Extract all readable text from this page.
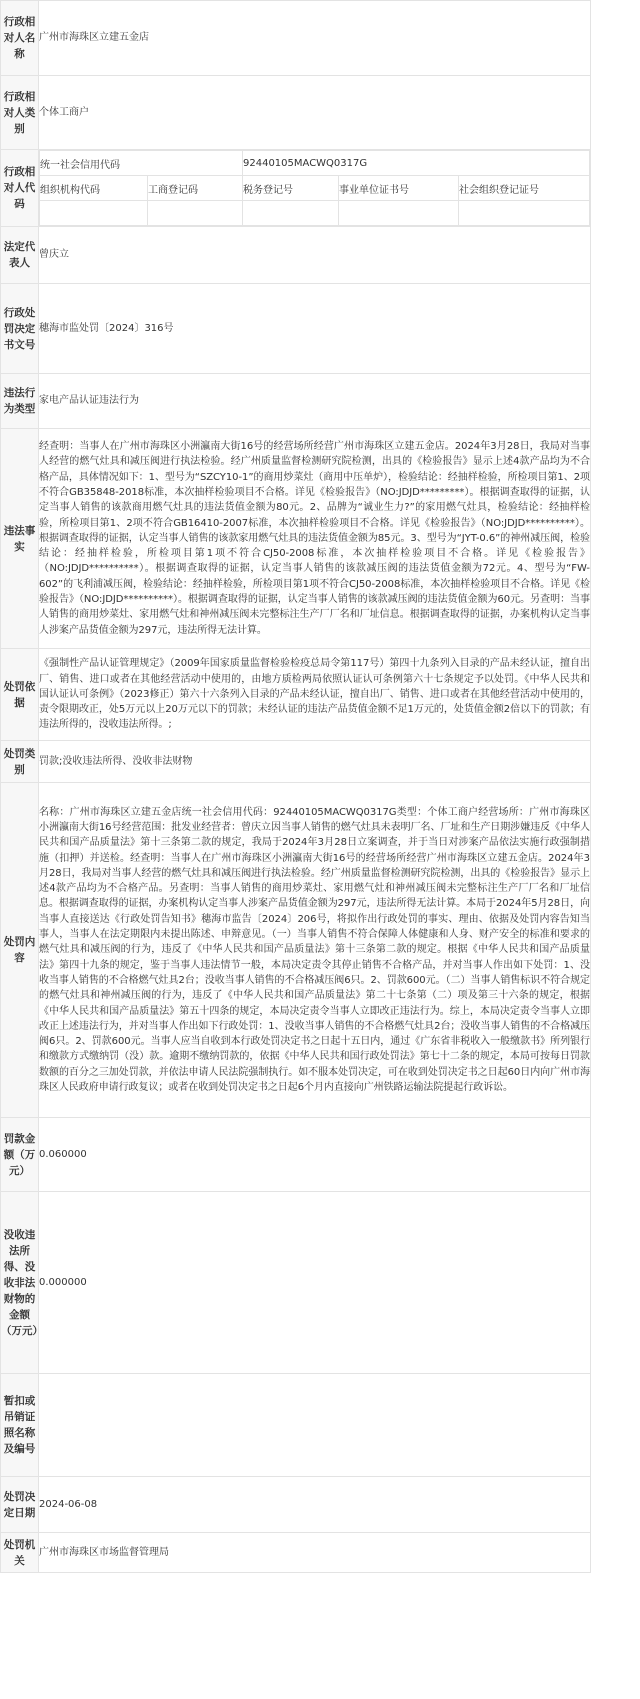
行政相对人名称	广州市海珠区立建五金店
行政相对人类别	个体工商户
行政相对人代码	
统一社会信用代码	92440105MACWQ0317G
组织机构代码	工商登记码	税务登记号	事业单位证书号	社会组织登记证号

法定代表人	曾庆立
行政处罚决定书文号	穗海市监处罚〔2024〕316号
违法行为类型	家电产品认证违法行为
违法事实	经查明：当事人在广州市海珠区小洲瀛南大街16号的经营场所经营广州市海珠区立建五金店。2024年3月28日，我局对当事人经营的燃气灶具和减压阀进行执法检验。经广州质量监督检测研究院检测，出具的《检验报告》显示上述4款产品均为不合格产品，具体情况如下：1、型号为“SZCY10-1”的商用炒菜灶（商用中压单炉），检验结论：经抽样检验，所检项目第1、2项不符合GB35848-2018标准，本次抽样检验项目不合格。详见《检验报告》（NO:JDJD*********）。根据调查取得的证据，认定当事人销售的该款商用燃气灶具的违法货值金额为80元。2、品牌为“诚业生力?”的家用燃气灶具，检验结论：经抽样检验，所检项目第1、2项不符合GB16410-2007标准，本次抽样检验项目不合格。详见《检验报告》（NO:JDJD**********）。根据调查取得的证据，认定当事人销售的该款家用燃气灶具的违法货值金额为85元。3、型号为“JYT-0.6”的神州减压阀，检验结论：经抽样检验，所检项目第1项不符合CJ50-2008标准，本次抽样检验项目不合格。详见《检验报告》（NO:JDJD**********）。根据调查取得的证据，认定当事人销售的该款减压阀的违法货值金额为72元。4、型号为“FW-602”的飞利浦减压阀，检验结论：经抽样检验，所检项目第1项不符合CJ50-2008标准，本次抽样检验项目不合格。详见《检验报告》（NO:JDJD**********）。根据调查取得的证据，认定当事人销售的该款减压阀的违法货值金额为60元。另查明：当事人销售的商用炒菜灶、家用燃气灶和神州减压阀未完整标注生产厂厂名和厂址信息。根据调查取得的证据，办案机构认定当事人涉案产品货值金额为297元，违法所得无法计算。
处罚依据	《强制性产品认证管理规定》（2009年国家质量监督检验检疫总局令第117号）第四十九条列入目录的产品未经认证，擅自出厂、销售、进口或者在其他经营活动中使用的，由地方质检两局依照认证认可条例第六十七条规定予以处罚。《中华人民共和国认证认可条例》（2023修正）第六十六条列入目录的产品未经认证，擅自出厂、销售、进口或者在其他经营活动中使用的，责令限期改正，处5万元以上20万元以下的罚款；未经认证的违法产品货值金额不足1万元的，处货值金额2倍以下的罚款；有违法所得的，没收违法所得。;
处罚类别	罚款;没收违法所得、没收非法财物
处罚内容	名称：广州市海珠区立建五金店统一社会信用代码：92440105MACWQ0317G类型：个体工商户经营场所：广州市海珠区小洲瀛南大街16号经营范围：批发业经营者：曾庆立因当事人销售的燃气灶具未表明厂名、厂址和生产日期涉嫌违反《中华人民共和国产品质量法》第十三条第二款的规定，我局于2024年3月28日立案调查，并于当日对涉案产品依法实施行政强制措施（扣押）并送检。经查明：当事人在广州市海珠区小洲瀛南大街16号的经营场所经营广州市海珠区立建五金店。2024年3月28日，我局对当事人经营的燃气灶具和减压阀进行执法检验。经广州质量监督检测研究院检测，出具的《检验报告》显示上述4款产品均为不合格产品。另查明：当事人销售的商用炒菜灶、家用燃气灶和神州减压阀未完整标注生产厂厂名和厂址信息。根据调查取得的证据，办案机构认定当事人涉案产品货值金额为297元，违法所得无法计算。本局于2024年5月28日，向当事人直接送达《行政处罚告知书》穗海市监告〔2024〕206号，将拟作出行政处罚的事实、理由、依据及处罚内容告知当事人，当事人在法定期限内未提出陈述、申辩意见。（一）当事人销售不符合保障人体健康和人身、财产安全的标准和要求的燃气灶具和减压阀的行为，违反了《中华人民共和国产品质量法》第十三条第二款的规定。根据《中华人民共和国产品质量法》第四十九条的规定，鉴于当事人违法情节一般，本局决定责令其停止销售不合格产品，并对当事人作出如下处罚：1、没收当事人销售的不合格燃气灶具2台；没收当事人销售的不合格减压阀6只。2、罚款600元。（二）当事人销售标识不符合规定的燃气灶具和神州减压阀的行为，违反了《中华人民共和国产品质量法》第二十七条第（二）项及第三十六条的规定，根据《中华人民共和国产品质量法》第五十四条的规定，本局决定责令当事人立即改正违法行为。综上，本局决定责令当事人立即改正上述违法行为，并对当事人作出如下行政处罚：1、没收当事人销售的不合格燃气灶具2台；没收当事人销售的不合格减压阀6只。2、罚款600元。当事人应当自收到本行政处罚决定书之日起十五日内，通过《广东省非税收入一般缴款书》所列银行和缴款方式缴纳罚（没）款。逾期不缴纳罚款的，依据《中华人民共和国行政处罚法》第七十二条的规定，本局可按每日罚款数额的百分之三加处罚款，并依法申请人民法院强制执行。如不服本处罚决定，可在收到处罚决定书之日起60日内向广州市海珠区人民政府申请行政复议；或者在收到处罚决定书之日起6个月内直接向广州铁路运输法院提起行政诉讼。
罚款金额（万元）	0.060000
没收违法所得、没收非法财物的金额（万元）	0.000000
暂扣或吊销证照名称及编号	
处罚决定日期	2024-06-08
处罚机关	广州市海珠区市场监督管理局
